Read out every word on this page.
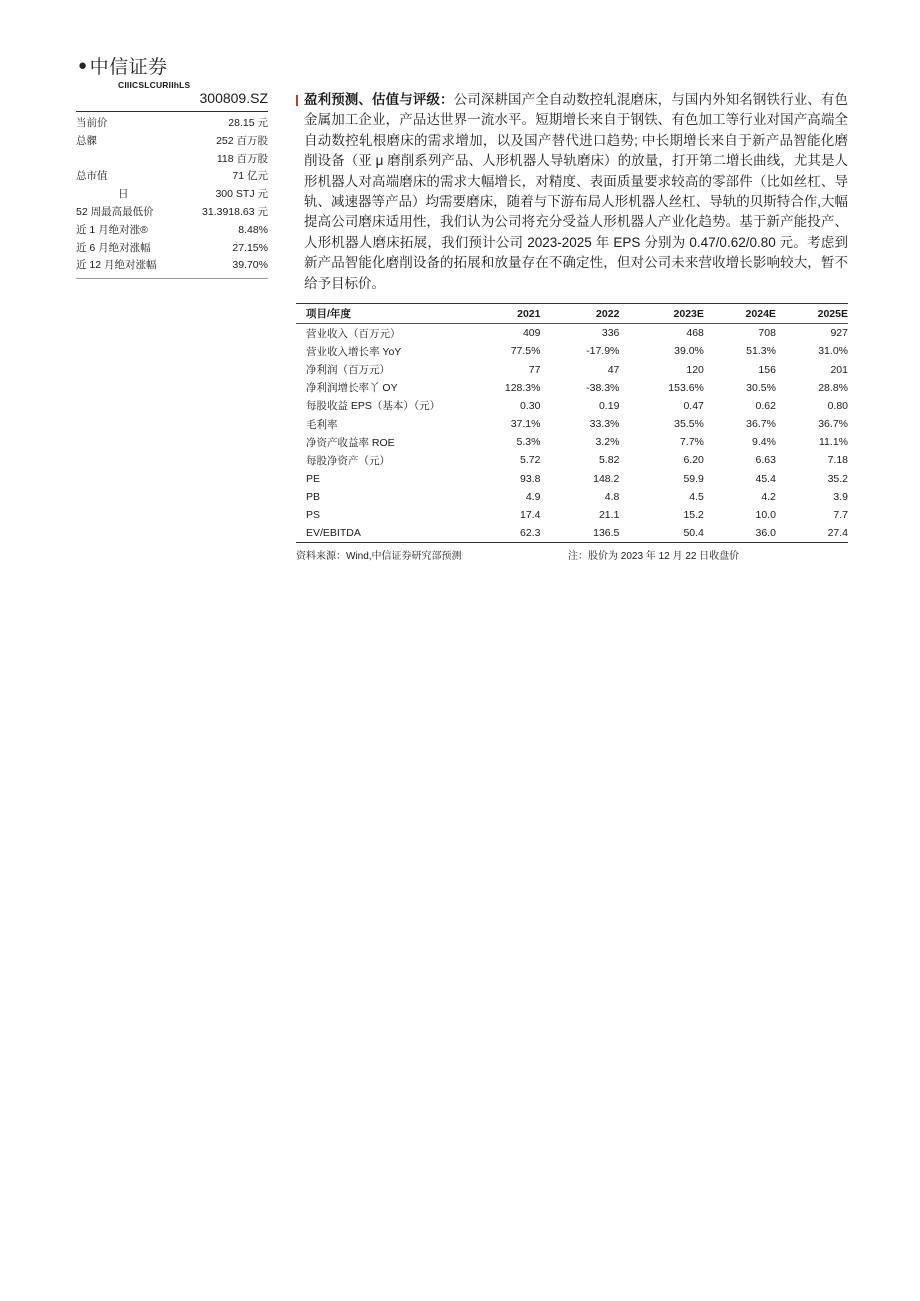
● 中信证券
CIIICSLCURIIhLS
300809.SZ
当前价	28.15 元
总髁	252 百万股
118 百万股
总市值	71 亿元
日	300 STJ 元
52 周最高最低价	31.3918.63 元
近 1 月绝对涨®	8.48%
近 6 月绝对涨幅	27.15%
近 12 月绝对涨幅	39.70%
盈利预测、估值与评级：公司深耕国产全自动数控轧混磨床，与国内外知名钢铁行业、有色金属加工企业，产品达世界一流水平。短期增长来自于钢铁、有色加工等行业对国产高端全自动数控轧根磨床的需求增加，以及国产替代进口趋势; 中长期增长来自于新产品智能化磨削设备（亚 μ 磨削系列产品、人形机器人导轨磨床）的放量，打开第二增长曲线，尤其是人形机器人对高端磨床的需求大幅增长，对精度、表面质量要求较高的零部件（比如丝杠、导轨、减速器等产品）均需要磨床，随着与下游布局人形机器人丝杠、导轨的贝斯特合作,大幅提高公司磨床适用性，我们认为公司将充分受益人形机器人产业化趋势。基于新产能投产、人形机器人磨床拓展，我们预计公司 2023-2025 年 EPS 分别为 0.47/0.62/0.80 元。考虑到新产品智能化磨削设备的拓展和放量存在不确定性，但对公司未来营收增长影响较大，暂不给予目标价。
项目/年度	2021	2022	2023E	2024E	2025E
营业收入（百万元）	409	336	468	708	927
营业收入增长率 YoY	77.5%	-17.9%	39.0%	51.3%	31.0%
净利润（百万元）	77	47	120	156	201
净利润增长率丫 OY	128.3%	-38.3%	153.6%	30.5%	28.8%
每股收益 EPS（基本）（元）	0.30	0.19	0.47	0.62	0.80
毛利率	37.1%	33.3%	35.5%	36.7%	36.7%
净资产收益率 ROE	5.3%	3.2%	7.7%	9.4%	11.1%
每股净资产（元）	5.72	5.82	6.20	6.63	7.18
PE	93.8	148.2	59.9	45.4	35.2
PB	4.9	4.8	4.5	4.2	3.9
PS	17.4	21.1	15.2	10.0	7.7
EV/EBITDA	62.3	136.5	50.4	36.0	27.4
资料来源：Wind,中信证券研究部预测	注：股价为 2023 年 12 月 22 日收盘价
